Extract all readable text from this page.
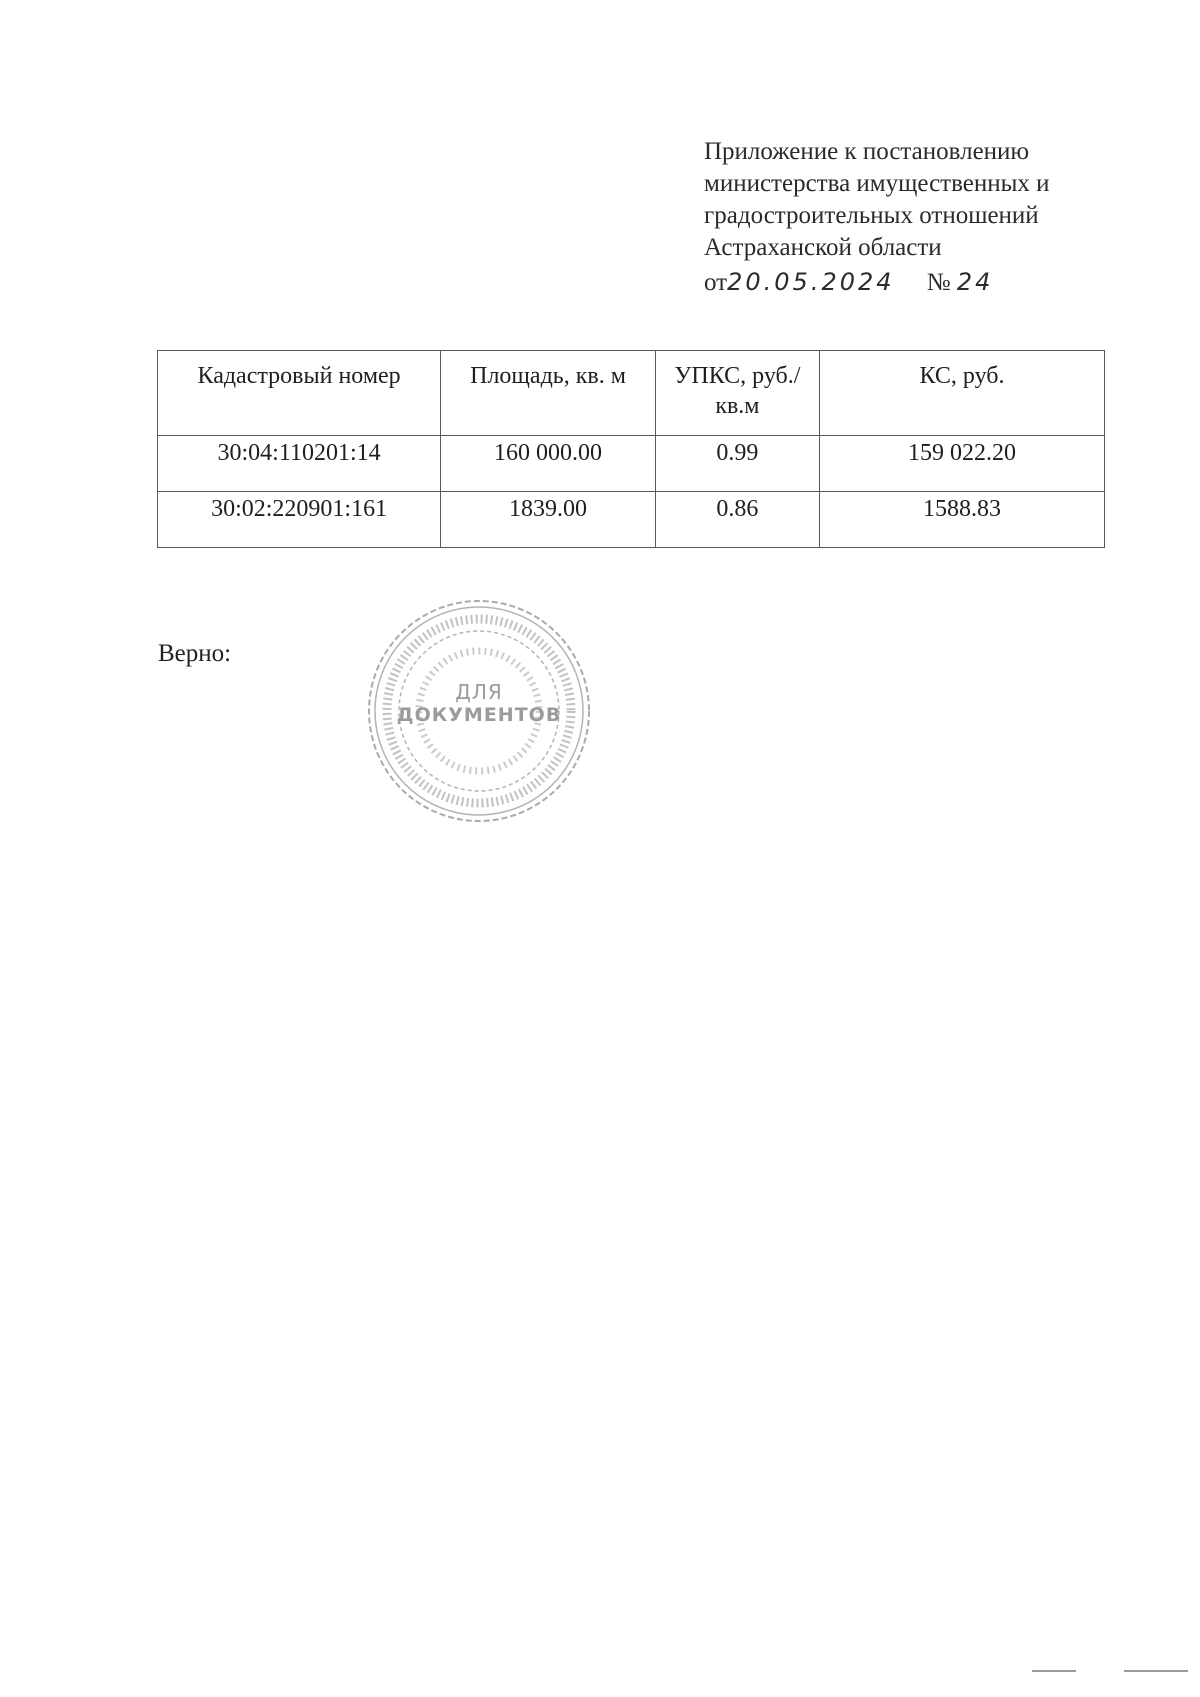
Приложение к постановлению
министерства имущественных и
градостроительных отношений
Астраханской области
от20.05.2024 № 24
Кадастровый номер	Площадь, кв. м	УПКС, руб./кв.м	КС, руб.
30:04:110201:14	160 000.00	0.99	159 022.20
30:02:220901:161	1839.00	0.86	1588.83
Верно:
ДЛЯ
ДОКУМЕНТОВ
